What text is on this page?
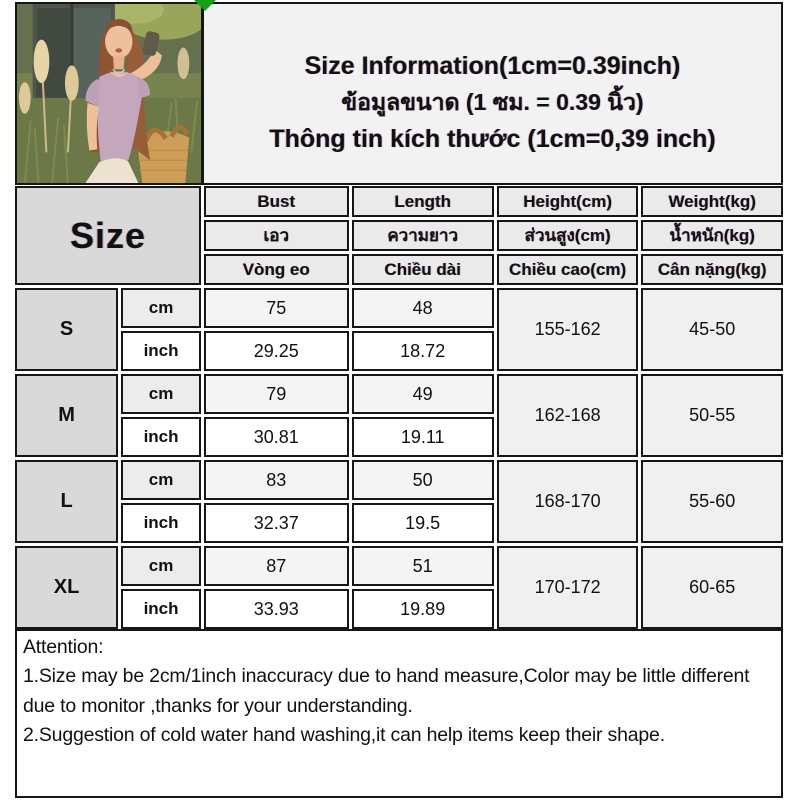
Size Information(1cm=0.39inch)
ข้อมูลขนาด (1 ซม. = 0.39 นิ้ว)
Thông tin kích thước (1cm=0,39 inch)
Size		Bust	Length	Height(cm)	Weight(kg)
		เอว	ความยาว	ส่วนสูง(cm)	น้ำหนัก(kg)
		Vòng eo	Chiều dài	Chiều cao(cm)	Cân nặng(kg)
S	cm	75	48	155-162	45-50
	inch	29.25	18.72		
M	cm	79	49	162-168	50-55
	inch	30.81	19.11		
L	cm	83	50	168-170	55-60
	inch	32.37	19.5		
XL	cm	87	51	170-172	60-65
	inch	33.93	19.89		
Attention:
1.Size may be 2cm/1inch inaccuracy due to hand measure,Color may be little different due to monitor ,thanks for your understanding.
2.Suggestion of cold water hand washing,it can help items keep their shape.
